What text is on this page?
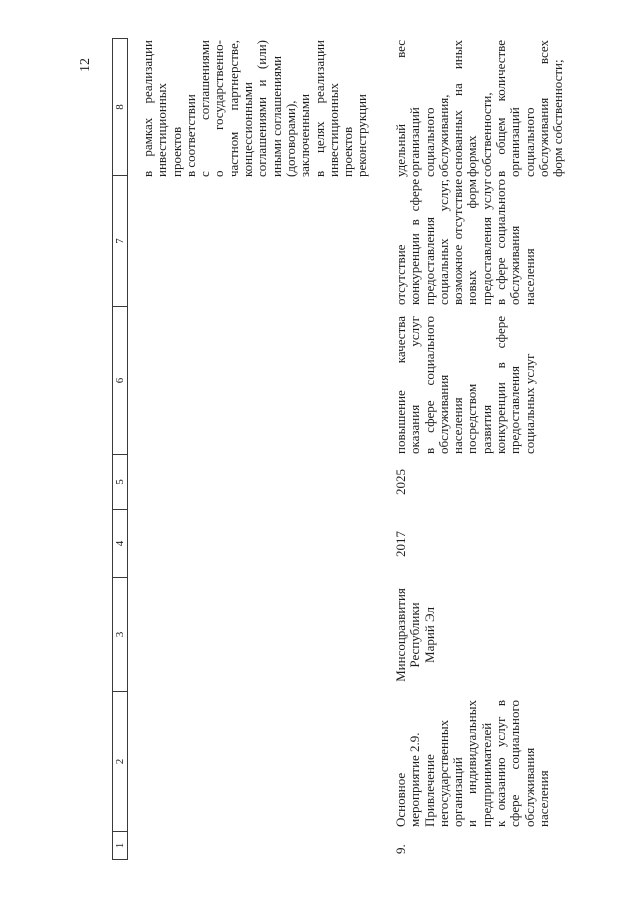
12
1
2
3
4
5
6
7
8 в рамках реализации инвестиционных проектов в соответствии с соглашениями о государственно- частном партнерстве, концессионными соглашениями и (или) иными соглашениями (договорами), заключенными в целях реализации инвестиционных проектов реконструкции
9.
Основное мероприятие 2.9. Привлечение негосударственных организаций и индивидуальных предпринимателей к оказанию услуг в сфере социального обслуживания населения
Минсоцразвития Республики Марий Эл
2017
2025
повышение качества оказания услуг в сфере социального обслуживания населения посредством развития конкуренции в сфере предоставления социальных услуг
отсутствие конкуренции в сфере предоставления социальных услуг, возможное отсутствие новых форм предоставления услуг в сфере социального обслуживания населения
удельный вес организаций социального обслуживания, основанных на иных формах собственности, в общем количестве организаций социального обслуживания всех форм собственности;
